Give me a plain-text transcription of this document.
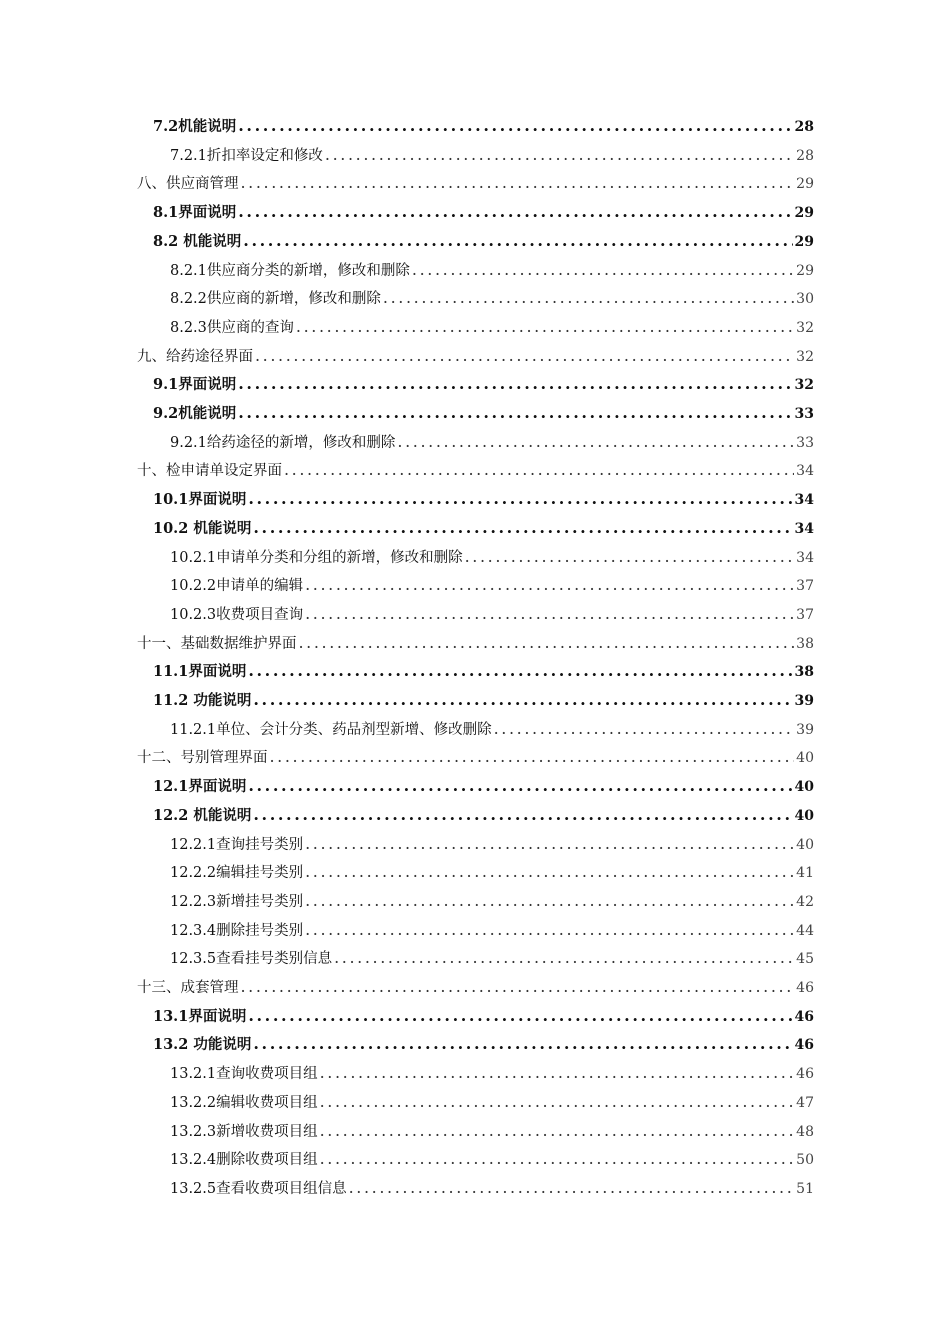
7.2机能说明 .....	28
7.2.1折扣率设定和修改 .....	28
八、供应商管理 .....	29
8.1界面说明 .....	29
8.2 机能说明 .....	29
8.2.1供应商分类的新增，修改和删除 .....	29
8.2.2供应商的新增，修改和删除 .....	30
8.2.3供应商的查询 .....	32
九、给药途径界面 .....	32
9.1界面说明 .....	32
9.2机能说明 .....	33
9.2.1给药途径的新增，修改和删除 .....	33
十、检申请单设定界面 .....	34
10.1界面说明 .....	34
10.2 机能说明 .....	34
10.2.1申请单分类和分组的新增，修改和删除 .....	34
10.2.2申请单的编辑 .....	37
10.2.3收费项目查询 .....	37
十一、基础数据维护界面 .....	38
11.1界面说明 .....	38
11.2 功能说明 .....	39
11.2.1单位、会计分类、药品剂型新增、修改删除 .....	39
十二、号别管理界面 .....	40
12.1界面说明 .....	40
12.2 机能说明 .....	40
12.2.1查询挂号类别 .....	40
12.2.2编辑挂号类别 .....	41
12.2.3新增挂号类别 .....	42
12.3.4删除挂号类别 .....	44
12.3.5查看挂号类别信息 .....	45
十三、成套管理 .....	46
13.1界面说明 .....	46
13.2 功能说明 .....	46
13.2.1查询收费项目组 .....	46
13.2.2编辑收费项目组 .....	47
13.2.3新增收费项目组 .....	48
13.2.4删除收费项目组 .....	50
13.2.5查看收费项目组信息 .....	51
